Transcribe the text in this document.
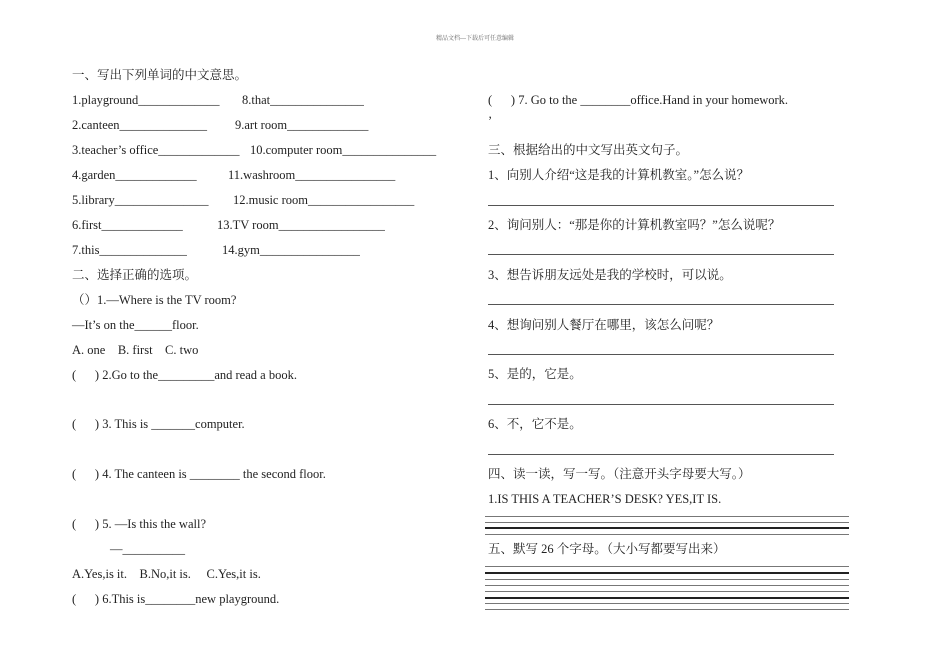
精品文档---下载后可任意编辑
一、写出下列单词的中文意思。
1.playground_____________ 8.that_______________
2.canteen______________ 9.art room_____________
3.teacher’s office_____________ 10.computer room_______________
4.garden_____________	11.washroom________________
5.library_______________ 12.music room_________________
6.first_____________	13.TV room_________________
7.this______________	14.gym________________
二、选择正确的选项。
（）1.—Where is the TV room?
—It’s on the______floor.
A. one    B. first    C. two
(      ) 2.Go to the_________and read a book.
(      ) 3. This is _______computer.
(      ) 4. The canteen is ________ the second floor.
(      ) 5. —Is this the wall?
—__________
A.Yes,is it.    B.No,it is.     C.Yes,it is.
(      ) 6.This is________new playground.
(      ) 7. Go to the ________office.Hand in your homework.
’
三、根据给出的中文写出英文句子。
1、向别人介绍“这是我的计算机教室。”怎么说？
2、询问别人：“那是你的计算机教室吗？”怎么说呢？
3、想告诉朋友远处是我的学校时，可以说。
4、想询问别人餐厅在哪里，该怎么问呢？
5、是的，它是。
6、不，它不是。
四、读一读，写一写。（注意开头字母要大写。）
1.IS THIS A TEACHER’S DESK? YES,IT IS.
五、默写 26 个字母。（大小写都要写出来）
